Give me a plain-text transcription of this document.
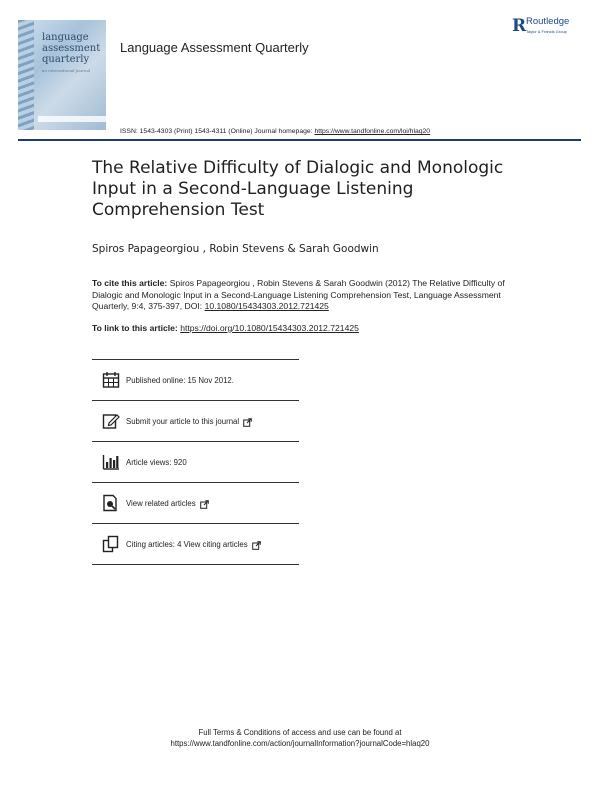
language
assessment
quarterly
an international journal
Language Assessment Quarterly
R Routledge
Taylor & Francis Group
ISSN: 1543-4303 (Print) 1543-4311 (Online) Journal homepage: https://www.tandfonline.com/loi/hlaq20
The Relative Difficulty of Dialogic and Monologic Input in a Second-Language Listening Comprehension Test
Spiros Papageorgiou , Robin Stevens & Sarah Goodwin
To cite this article: Spiros Papageorgiou , Robin Stevens & Sarah Goodwin (2012) The Relative Difficulty of Dialogic and Monologic Input in a Second-Language Listening Comprehension Test, Language Assessment Quarterly, 9:4, 375-397, DOI: 10.1080/15434303.2012.721425
To link to this article: https://doi.org/10.1080/15434303.2012.721425
Published online: 15 Nov 2012.
Submit your article to this journal
Article views: 920
View related articles
Citing articles: 4 View citing articles
Full Terms & Conditions of access and use can be found at
https://www.tandfonline.com/action/journalInformation?journalCode=hlaq20
